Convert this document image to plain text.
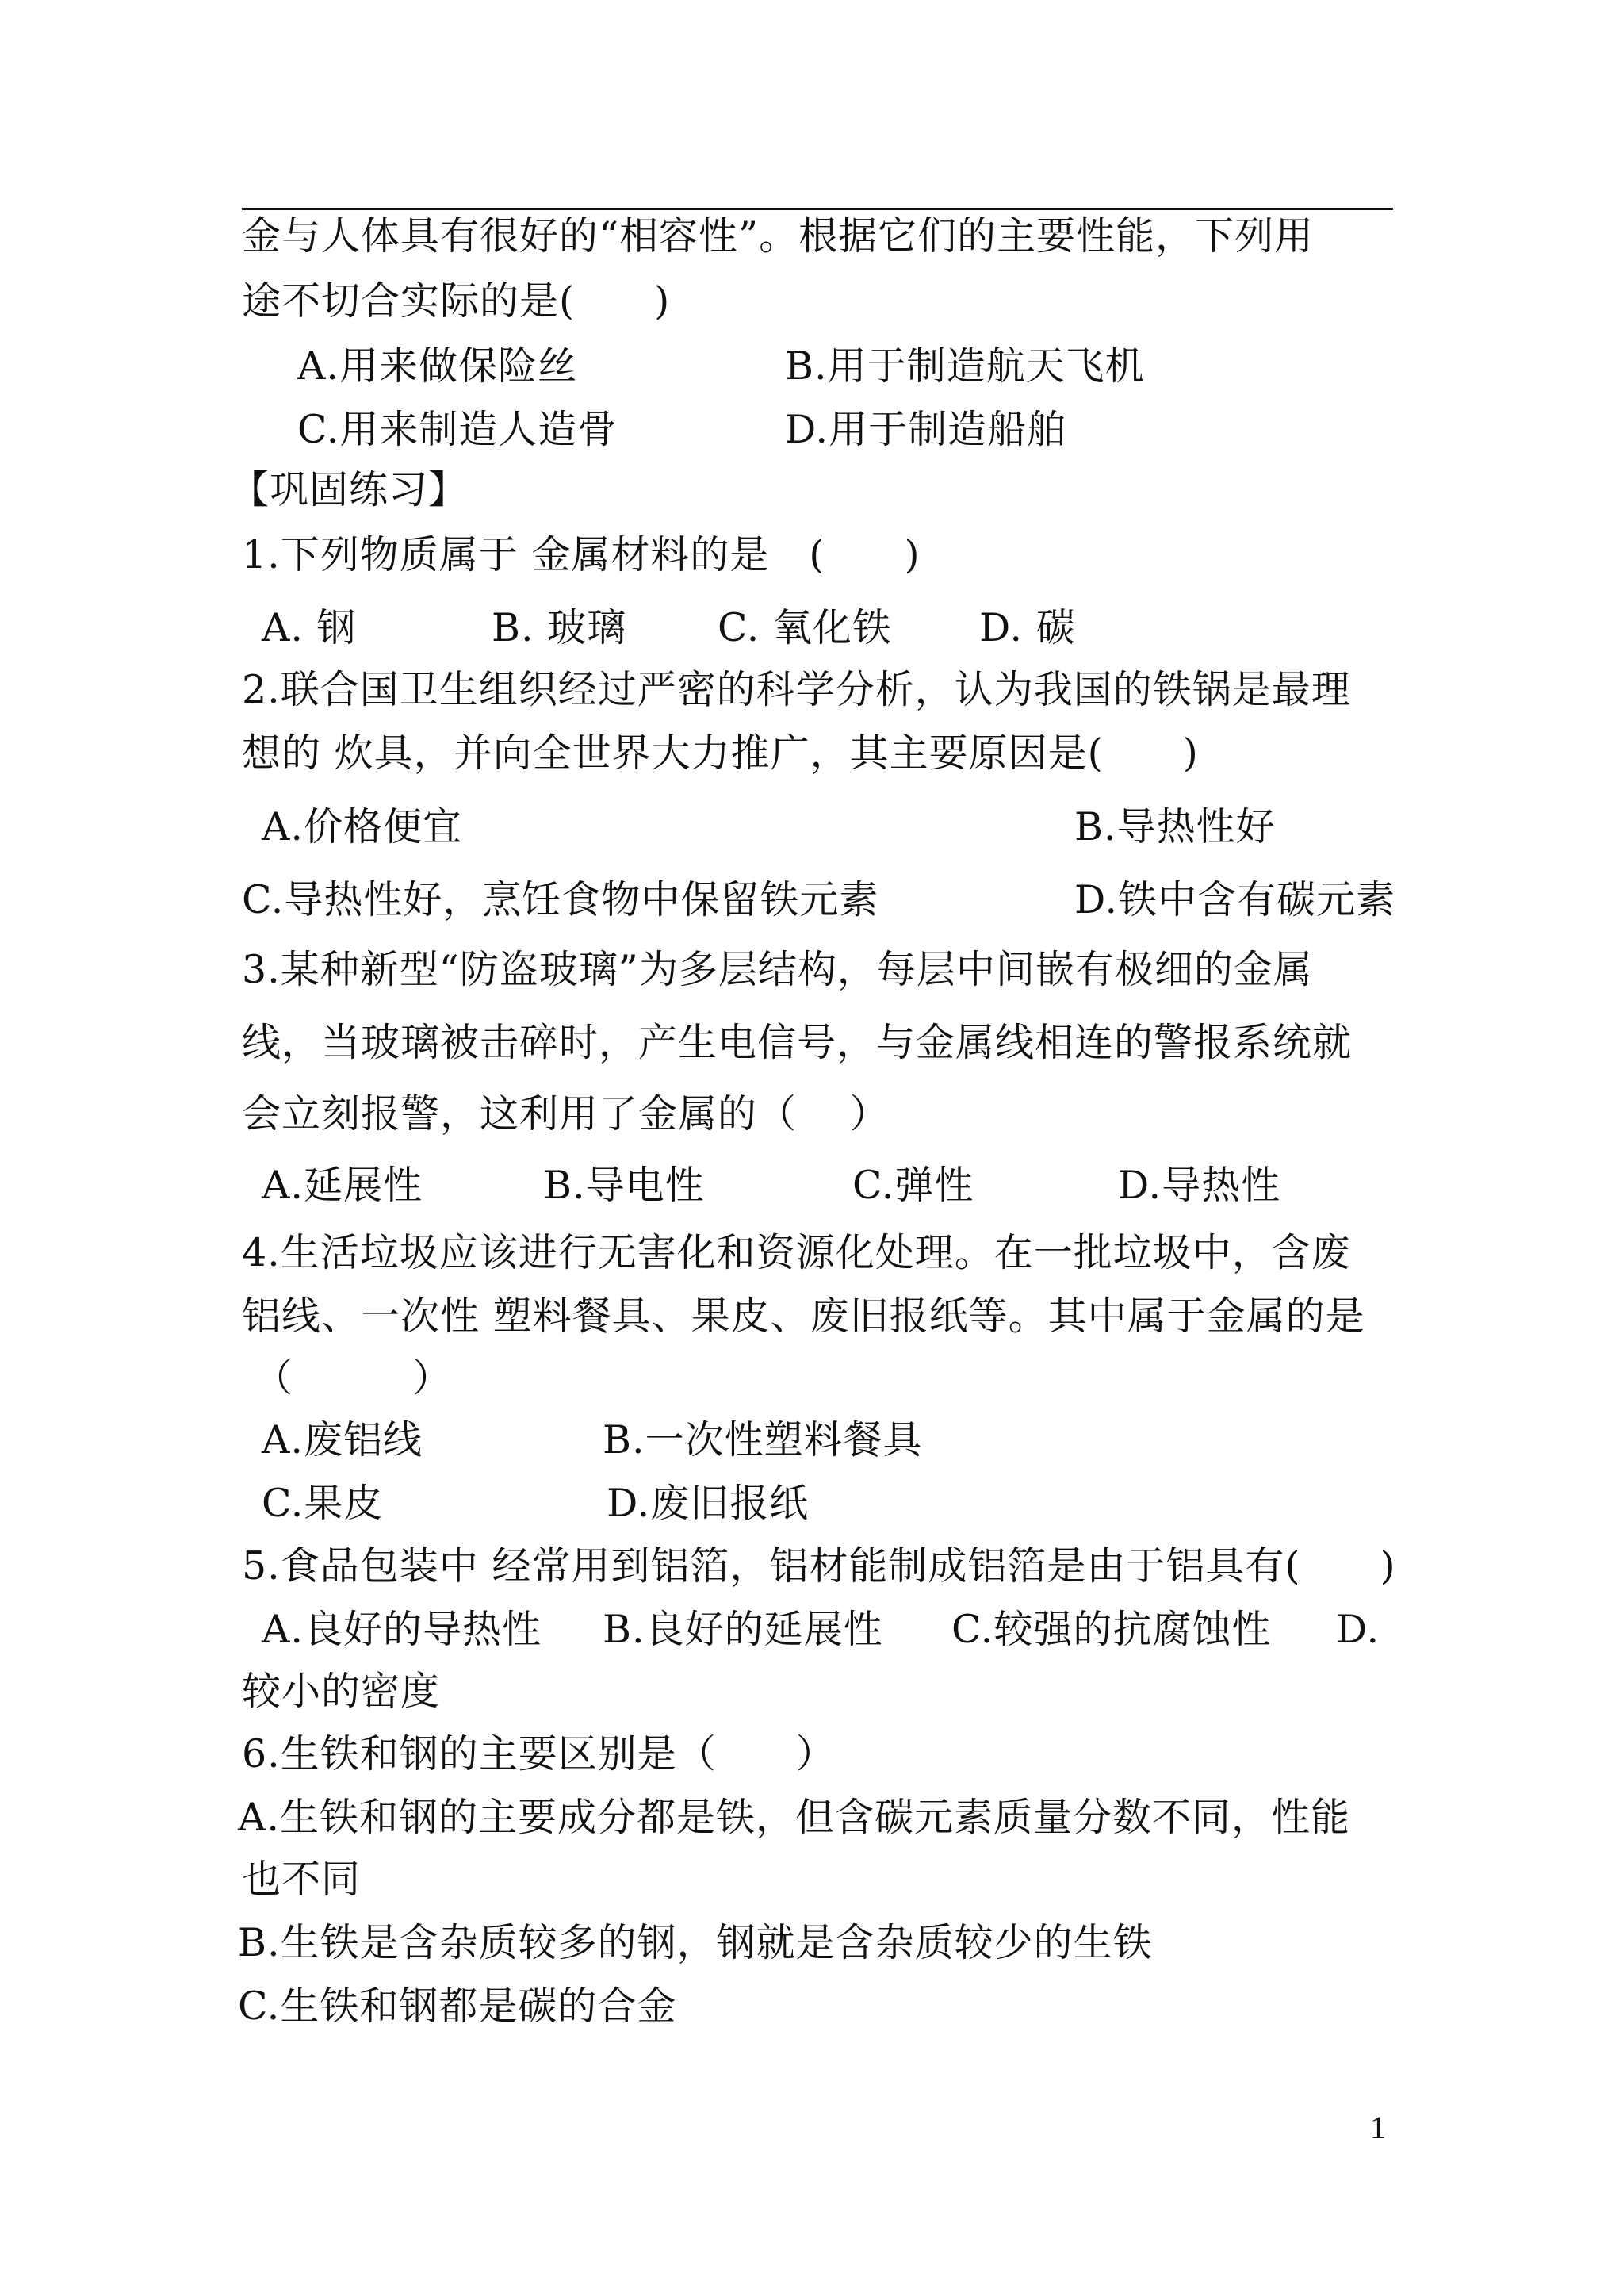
金与人体具有很好的“相容性”。根据它们的主要性能，下列用
途不切合实际的是(　　)
A.用来做保险丝	B.用于制造航天飞机
C.用来制造人造骨	D.用于制造船舶
【巩固练习】
1.下列物质属于 金属材料的是　(　　)
A. 钢	B. 玻璃 C. 氧化铁 D. 碳
2.联合国卫生组织经过严密的科学分析，认为我国的铁锅是最理
想的 炊具，并向全世界大力推广，其主要原因是(　　)
A.价格便宜	B.导热性好
C.导热性好，烹饪食物中保留铁元素	D.铁中含有碳元素
3.某种新型“防盗玻璃”为多层结构，每层中间嵌有极细的金属
线，当玻璃被击碎时，产生电信号，与金属线相连的警报系统就
会立刻报警，这利用了金属的（　 ）
A.延展性	B.导电性	C.弹性	D.导热性
4.生活垃圾应该进行无害化和资源化处理。在一批垃圾中，含废
铝线、一次性 塑料餐具、果皮、废旧报纸等。其中属于金属的是
（　　　）
A.废铝线	B.一次性塑料餐具
C.果皮	D.废旧报纸
5.食品包装中 经常用到铝箔，铝材能制成铝箔是由于铝具有(　　)
A.良好的导热性 B.良好的延展性 C.较强的抗腐蚀性 D.
较小的密度
6.生铁和钢的主要区别是（　　）
A.生铁和钢的主要成分都是铁，但含碳元素质量分数不同，性能
也不同
B.生铁是含杂质较多的钢，钢就是含杂质较少的生铁
C.生铁和钢都是碳的合金
1
